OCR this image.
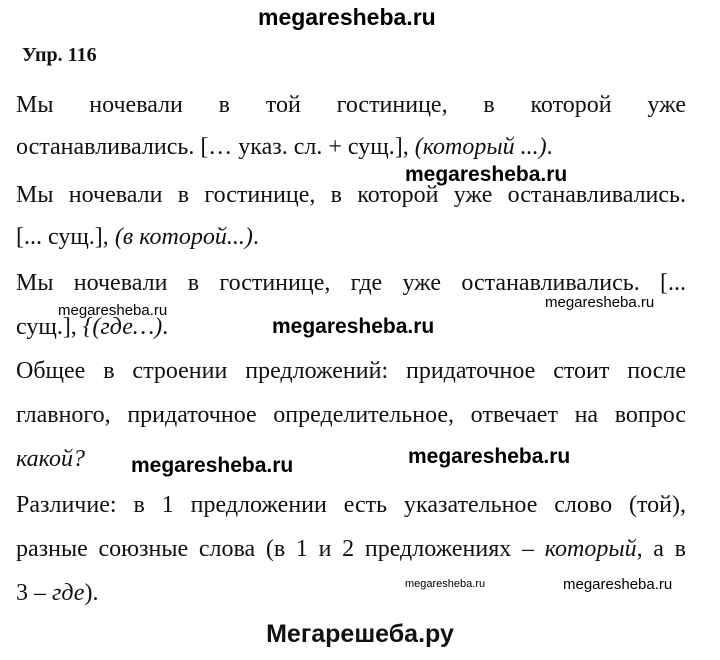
megaresheba.ru
Упр. 116
Мы ночевали в той гостинице, в которой уже
останавливались. [… указ. сл. + сущ.], (который ...).
Мы ночевали в гостинице, в которой уже останавливались.
[... сущ.], (в которой...).
Мы ночевали в гостинице, где уже останавливались. [...
сущ.], {(где…).
Общее в строении предложений: придаточное стоит после
главного, придаточное определительное, отвечает на вопрос
какой?
Различие: в 1 предложении есть указательное слово (той),
разные союзные слова (в 1 и 2 предложениях – который, а в
3 – где).
megaresheba.ru
megaresheba.ru	megaresheba.ru
megaresheba.ru
megaresheba.ru	megaresheba.ru
megaresheba.ru	megaresheba.ru
Мегарешеба.ру
